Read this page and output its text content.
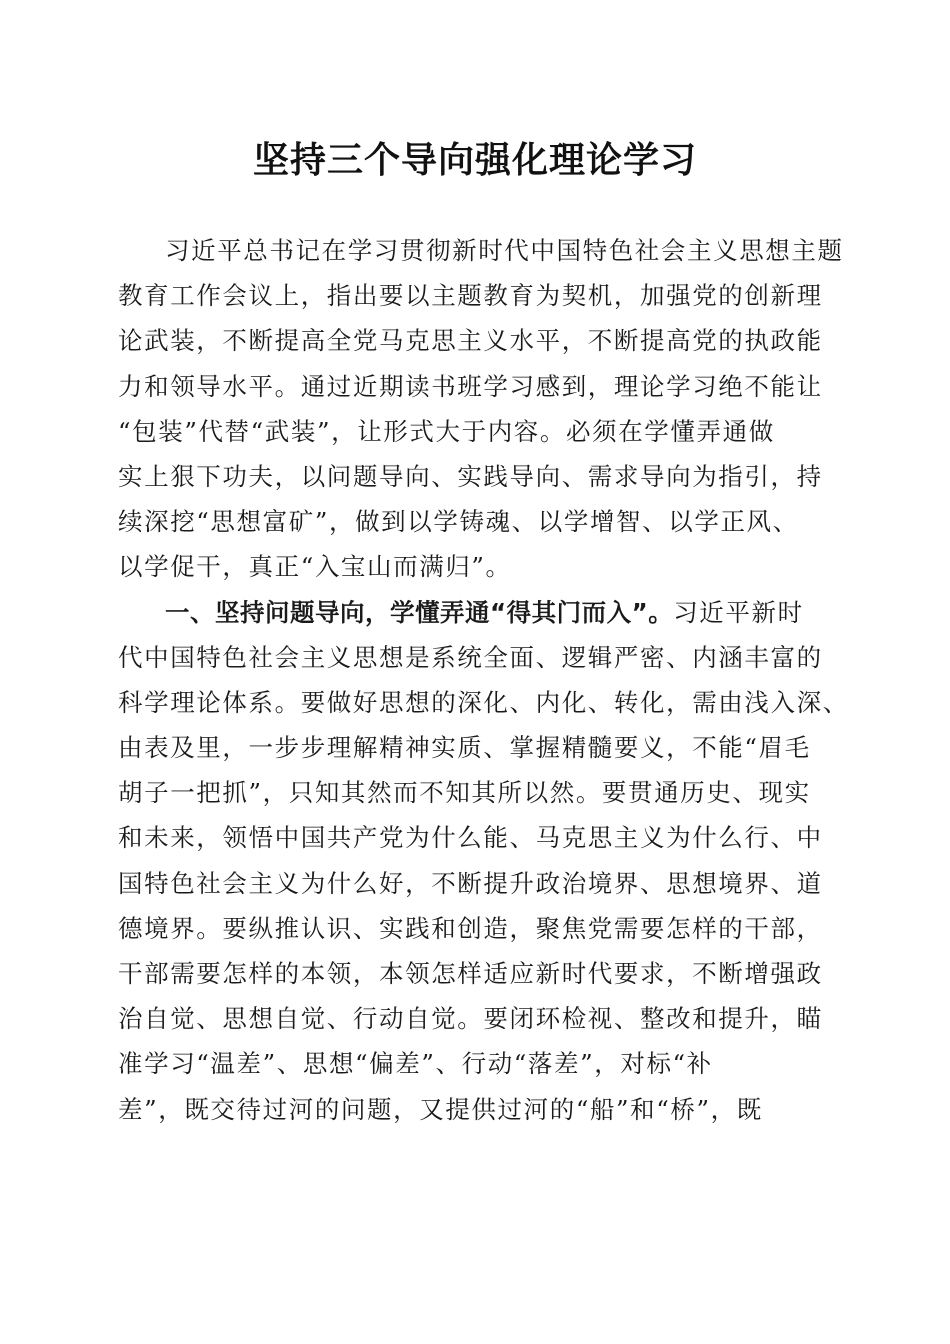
坚持三个导向强化理论学习
习近平总书记在学习贯彻新时代中国特色社会主义思想主题
教育工作会议上，指出要以主题教育为契机，加强党的创新理
论武装，不断提高全党马克思主义水平，不断提高党的执政能
力和领导水平。通过近期读书班学习感到，理论学习绝不能让
“包装”代替“武装”，让形式大于内容。必须在学懂弄通做
实上狠下功夫，以问题导向、实践导向、需求导向为指引，持
续深挖“思想富矿”，做到以学铸魂、以学增智、以学正风、
以学促干，真正“入宝山而满归”。
一、坚持问题导向，学懂弄通“得其门而入”。习近平新时
代中国特色社会主义思想是系统全面、逻辑严密、内涵丰富的
科学理论体系。要做好思想的深化、内化、转化，需由浅入深、
由表及里，一步步理解精神实质、掌握精髓要义，不能“眉毛
胡子一把抓”，只知其然而不知其所以然。要贯通历史、现实
和未来，领悟中国共产党为什么能、马克思主义为什么行、中
国特色社会主义为什么好，不断提升政治境界、思想境界、道
德境界。要纵推认识、实践和创造，聚焦党需要怎样的干部，
干部需要怎样的本领，本领怎样适应新时代要求，不断增强政
治自觉、思想自觉、行动自觉。要闭环检视、整改和提升，瞄
准学习“温差”、思想“偏差”、行动“落差”，对标“补
差”，既交待过河的问题，又提供过河的“船”和“桥”，既
